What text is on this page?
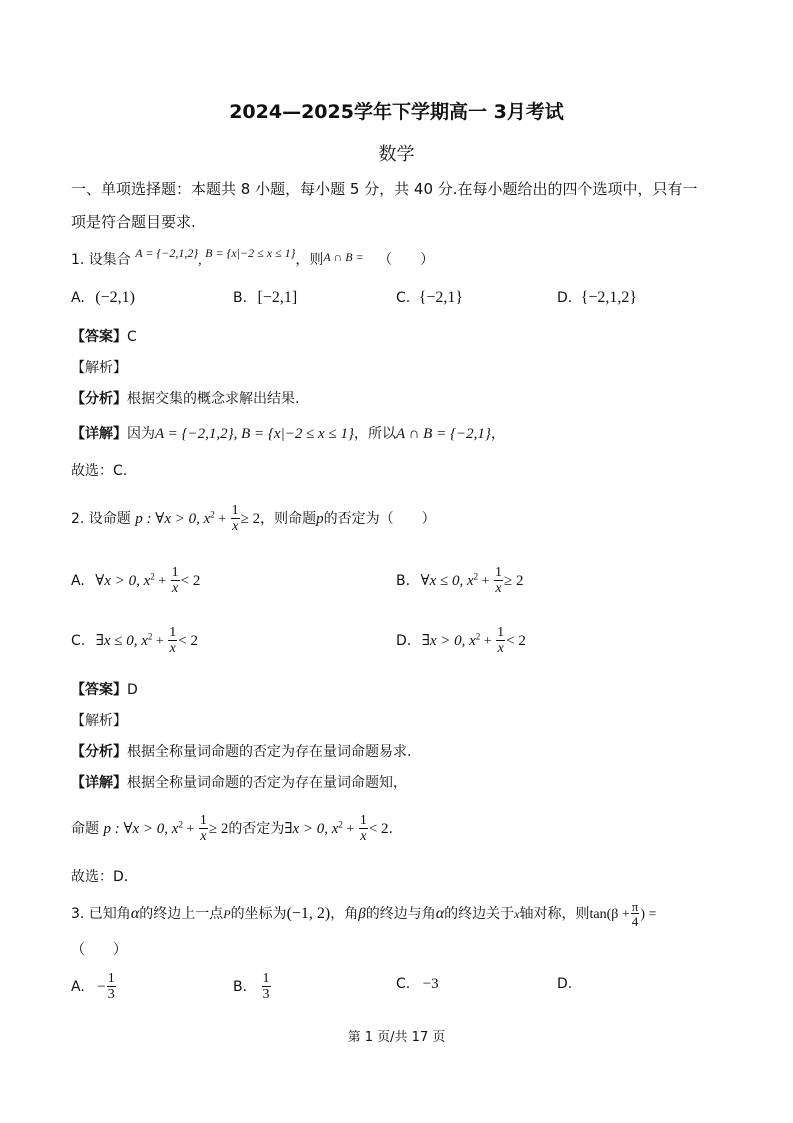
2024—2025学年下学期高一 3月考试
数学
一、单项选择题：本题共 8 小题，每小题 5 分，共 40 分.在每小题给出的四个选项中，只有一
项是符合题目要求.
1. 设集合 A = {−2,1,2}, B = {x|−2 ≤ x ≤ 1}，则A ∩ B = （　　）
A. (−2,1)	B. [−2,1]	C. {−2,1}	D. {−2,1,2}
【答案】C
【解析】
【分析】根据交集的概念求解出结果.
【详解】因为A = {−2,1,2}, B = {x|−2 ≤ x ≤ 1}，所以A ∩ B = {−2,1}，
故选：C.
2. 设命题 p : ∀x > 0, $x^2 + \frac{1}{x} \ge 2$，则命题p的否定为（　　）
A. ∀x > 0, $x^2 + \frac{1}{x} < 2$	B. ∀x ≤ 0, $x^2 + \frac{1}{x} \ge 2$
C. ∃x ≤ 0, $x^2 + \frac{1}{x} < 2$	D. ∃x > 0, $x^2 + \frac{1}{x} < 2$
【答案】D
【解析】
【分析】根据全称量词命题的否定为存在量词命题易求.
【详解】根据全称量词命题的否定为存在量词命题知，
命题 p : ∀x > 0, $x^2 + \frac{1}{x} \ge 2$的否定为∃x > 0, $x^2 + \frac{1}{x} < 2$.
故选：D．
3. 已知角α的终边上一点P的坐标为(−1, 2)，角β的终边与角α的终边关于x轴对称，则$\tan(\beta + \frac{\pi}{4}$ ) =
（　　）
A. − $\frac{1}{3}$	B. $\frac{1}{3}$	C. −3	D.
第 1 页/共 17 页
